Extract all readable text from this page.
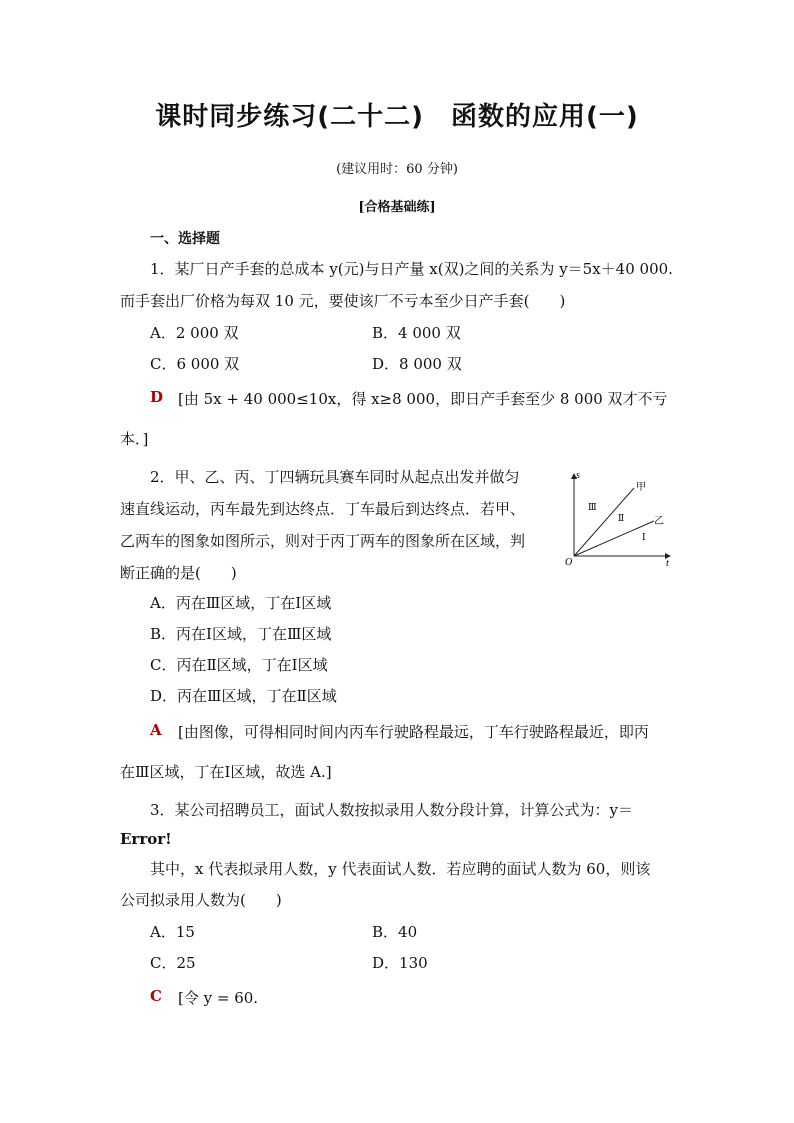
课时同步练习(二十二)　函数的应用(一)
(建议用时：60 分钟)
[合格基础练]
一、选择题
1．某厂日产手套的总成本 y(元)与日产量 x(双)之间的关系为 y＝5x＋40 000.
而手套出厂价格为每双 10 元，要使该厂不亏本至少日产手套(　　)
A．2 000 双	B．4 000 双
C．6 000 双	D．8 000 双
D [由 5x + 40 000≤10x，得 x≥8 000，即日产手套至少 8 000 双才不亏
本．]
2．甲、乙、丙、丁四辆玩具赛车同时从起点出发并做匀
速直线运动，丙车最先到达终点．丁车最后到达终点．若甲、
乙两车的图象如图所示，则对于丙丁两车的图象所在区域，判
断正确的是(　　)
s
t
O
甲
乙
Ⅲ
Ⅱ
Ⅰ
A．丙在Ⅲ区域，丁在Ⅰ区域
B．丙在Ⅰ区域，丁在Ⅲ区域
C．丙在Ⅱ区域，丁在Ⅰ区域
D．丙在Ⅲ区域，丁在Ⅱ区域
A [由图像，可得相同时间内丙车行驶路程最远，丁车行驶路程最近，即丙
在Ⅲ区域，丁在Ⅰ区域，故选 A.]
3．某公司招聘员工，面试人数按拟录用人数分段计算，计算公式为：y＝
Error!
其中，x 代表拟录用人数，y 代表面试人数．若应聘的面试人数为 60，则该
公司拟录用人数为(　　)
A．15	B．40
C．25	D．130
C [令 y = 60.
